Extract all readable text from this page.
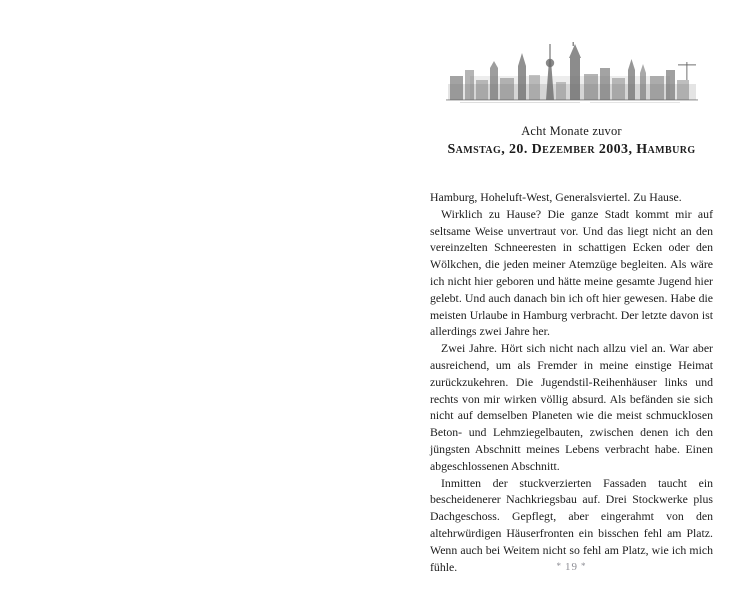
Acht Monate zuvor
Samstag, 20. Dezember 2003, Hamburg

Hamburg, Hoheluft-West, Generalsviertel. Zu Hause.

Wirklich zu Hause? Die ganze Stadt kommt mir auf seltsame Weise unvertraut vor. Und das liegt nicht an den vereinzelten Schneeresten in schattigen Ecken oder den Wölkchen, die jeden meiner Atemzüge begleiten. Als wäre ich nicht hier geboren und hätte meine gesamte Jugend hier gelebt. Und auch danach bin ich oft hier gewesen. Habe die meisten Urlaube in Hamburg verbracht. Der letzte davon ist allerdings zwei Jahre her.

Zwei Jahre. Hört sich nicht nach allzu viel an. War aber ausreichend, um als Fremder in meine einstige Heimat zurückzukehren. Die Jugendstil-Reihenhäuser links und rechts von mir wirken völlig absurd. Als befänden sie sich nicht auf demselben Planeten wie die meist schmucklosen Beton- und Lehmziegelbauten, zwischen denen ich den jüngsten Abschnitt meines Lebens verbracht habe. Einen abgeschlossenen Abschnitt.

Inmitten der stuckverzierten Fassaden taucht ein bescheidenerer Nachkriegsbau auf. Drei Stockwerke plus Dachgeschoss. Gepflegt, aber eingerahmt von den altehrwürdigen Häuserfronten ein bisschen fehl am Platz. Wenn auch bei Weitem nicht so fehl am Platz, wie ich mich fühle.	* 19 *
